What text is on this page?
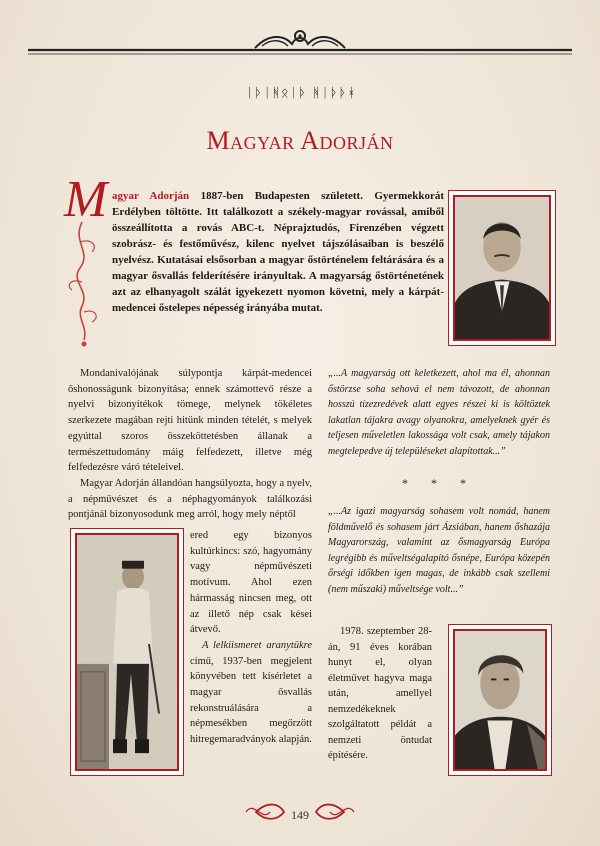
ᛁᚦᛁᚻᛟᛁᚦ ᚻᛁᚦᚦᚼ
Magyar Adorján
M agyar Adorján 1887-ben Budapesten született. Gyermekkorát Erdélyben töltötte. Itt találkozott a székely-magyar rovással, amiből összeállította a rovás ABC-t. Néprajztudós, Firenzében végzett szobrász- és festőművész, kilenc nyelvet tájszólásaiban is beszélő nyelvész. Kutatásai elsősorban a magyar őstörténelem feltárására és a magyar ősvallás felderítésére irányultak. A magyarság őstörténetének azt az elhanyagolt szálát igyekezett nyomon követni, mely a kárpát-medencei őstelepes népesség irányába mutat.

Mondanivalójának súlypontja kárpát-medencei őshonosságunk bizonyítása; ennek számottevő része a nyelvi bizonyítékok tömege, melynek tökéletes szerkezete magában rejti hitünk minden tételét, s melyek egyúttal szoros összeköttetésben állanak a természettudomány máig felfedezett, illetve még felfedezésre váró tételeivel.

Magyar Adorján állandóan hangsúlyozta, hogy a nyelv, a népművészet és a néphagyományok találkozási pontjánál bizonyosodunk meg arról, hogy mely néptől

ered egy bizonyos kultúrkincs: szó, hagyomány vagy népművészeti motívum. Ahol ezen hármasság nincsen meg, ott az illető nép csak kései átvevő.

A lelkiismeret aranytükre című, 1937-ben megjelent könyvében tett kísérletet a magyar ősvallás rekonstruálására a népmesékben megőrzött hitregemaradványok alapján.

„...A magyarság ott keletkezett, ahol ma él, ahonnan őstörzse soha sehová el nem távozott, de ahonnan hosszú tízezredévek alatt egyes részei ki is költöztek lakatlan tájakra avagy olyanokra, amelyeknek gyér és teljesen műveletlen lakossága volt csak, amely tájakon megtelepedve új településeket alapítottak...”
* * *
„...Az igazi magyarság sohasem volt nomád, hanem földművelő és sohasem járt Ázsiában, hanem őshazája Magyarország, valamint az ősmagyarság Európa legrégibb és műveltségalapító ősnépe, Európa közepén őrségi időkben igen magas, de inkább csak szellemi (nem műszaki) műveltsége volt...”

1978. szeptember 28-án, 91 éves korában hunyt el, olyan életművet hagyva maga után, amellyel nemzedékeknek szolgáltatott példát a nemzeti öntudat építésére.

149
